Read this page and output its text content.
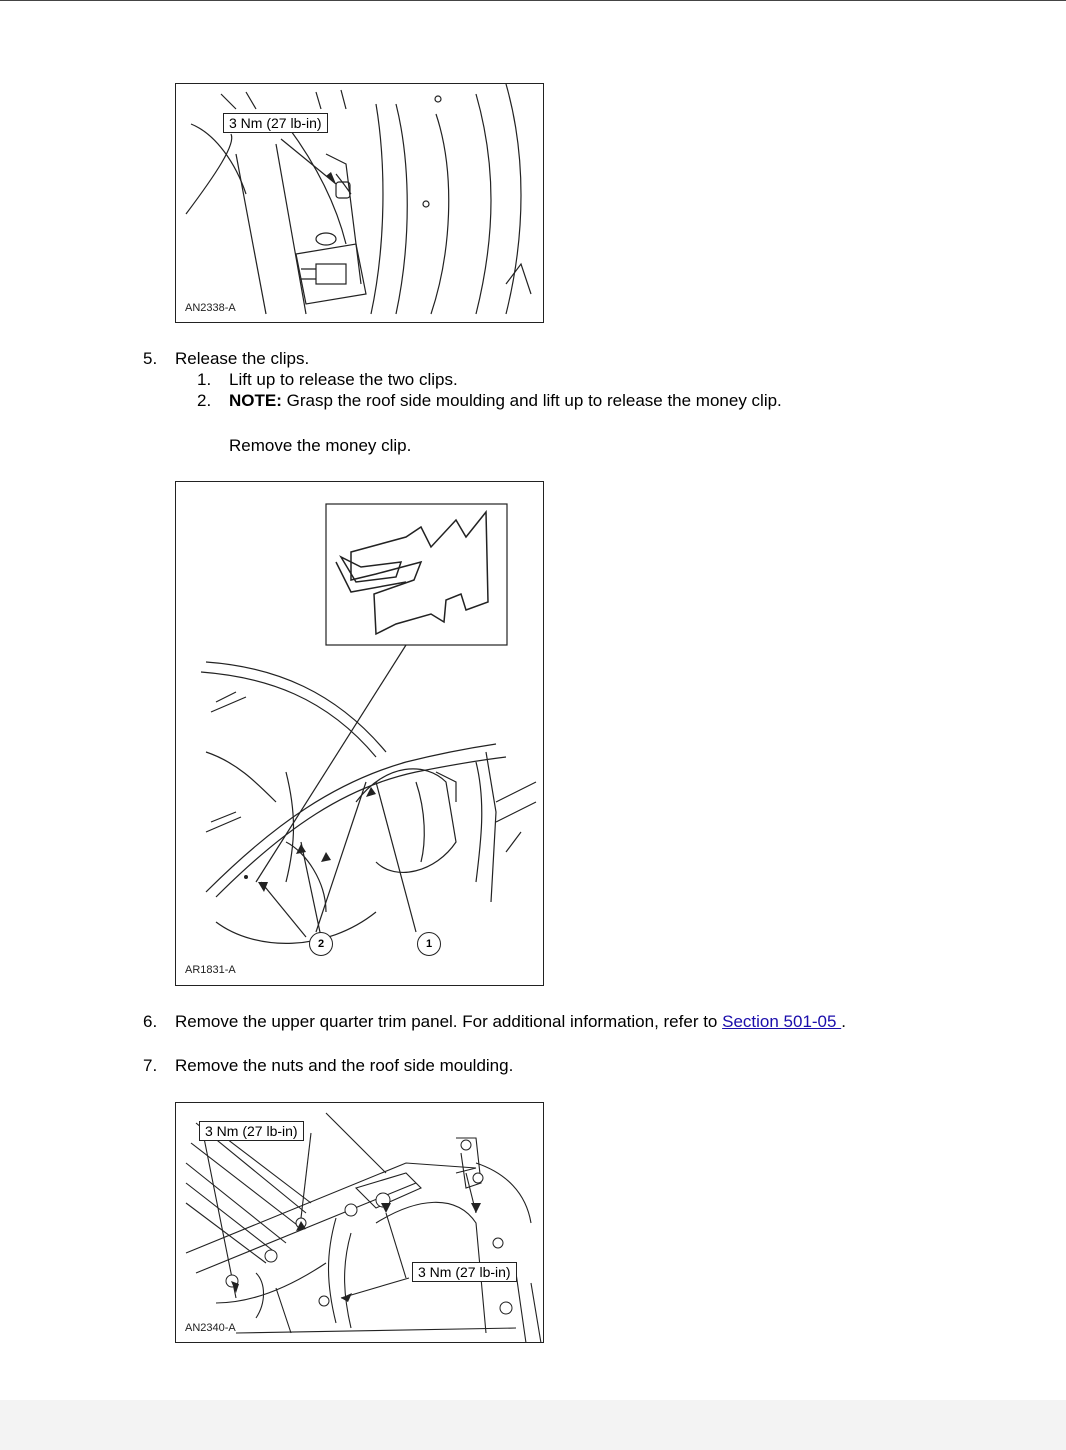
3 Nm (27 lb-in)
AN2338-A
5. Release the clips.
1. Lift up to release the two clips.
2. NOTE: Grasp the roof side moulding and lift up to release the money clip.
Remove the money clip.
2	1
AR1831-A
6. Remove the upper quarter trim panel. For additional information, refer to Section 501-05 .
7. Remove the nuts and the roof side moulding.
3 Nm (27 lb-in)
3 Nm (27 lb-in)
AN2340-A
